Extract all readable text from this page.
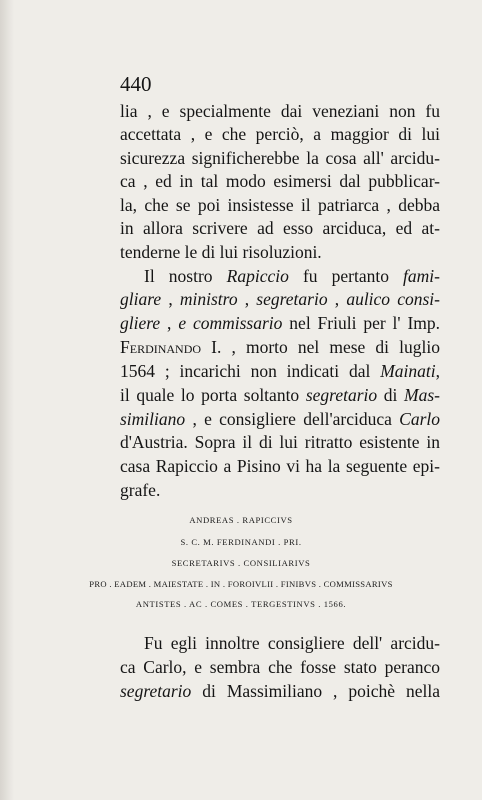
440
lia , e specialmente dai veneziani non fu
accettata , e che perciò, a maggior di lui
sicurezza significherebbe la cosa all' arcidu-
ca , ed in tal modo esimersi dal pubblicar-
la, che se poi insistesse il patriarca , debba
in allora scrivere ad esso arciduca, ed at-
tenderne le di lui risoluzioni.
Il nostro Rapiccio fu pertanto fami-
gliare , ministro , segretario , aulico consi-
gliere , e commissario nel Friuli per l' Imp.
Ferdinando I. , morto nel mese di luglio
1564 ; incarichi non indicati dal Mainati,
il quale lo porta soltanto segretario di Mas-
similiano , e consigliere dell'arciduca Carlo
d'Austria. Sopra il di lui ritratto esistente in
casa Rapiccio a Pisino vi ha la seguente epi-
grafe.
ANDREAS . RAPICCIVS
S. C. M. FERDINANDI . PRI.
SECRETARIVS . CONSILIARIVS
PRO . EADEM . MAIESTATE . IN . FOROIVLII . FINIBVS . COMMISSARIVS
ANTISTES . AC . COMES . TERGESTINVS . 1566.
Fu egli innoltre consigliere dell' arcidu-
ca Carlo, e sembra che fosse stato peranco
segretario di Massimiliano , poichè nella
